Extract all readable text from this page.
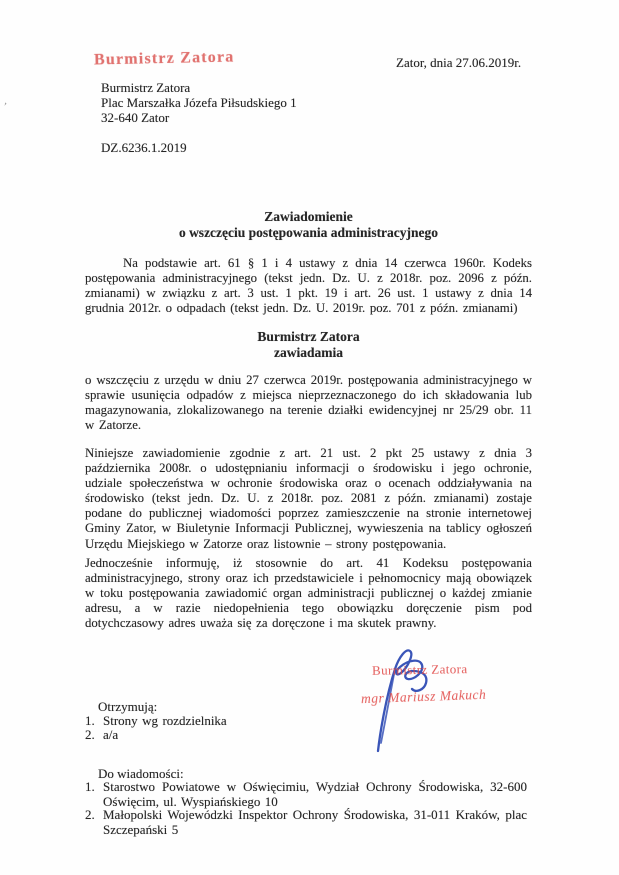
Burmistrz Zatora	Zator, dnia 27.06.2019r.
Burmistrz Zatora
Plac Marszałka Józefa Piłsudskiego 1
32-640 Zator
DZ.6236.1.2019
’
Zawiadomienie
o wszczęciu postępowania administracyjnego
Na podstawie art. 61 § 1 i 4 ustawy z dnia 14 czerwca 1960r. Kodeks postępowania administracyjnego (tekst jedn. Dz. U. z 2018r. poz. 2096 z późn. zmianami) w związku z art. 3 ust. 1 pkt. 19 i art. 26 ust. 1 ustawy z dnia 14 grudnia 2012r. o odpadach (tekst jedn. Dz. U. 2019r. poz. 701 z późn. zmianami)
Burmistrz Zatora
zawiadamia
o wszczęciu z urzędu w dniu 27 czerwca 2019r. postępowania administracyjnego w sprawie usunięcia odpadów z miejsca nieprzeznaczonego do ich składowania lub magazynowania, zlokalizowanego na terenie działki ewidencyjnej nr 25/29 obr. 11 w Zatorze.
Niniejsze zawiadomienie zgodnie z art. 21 ust. 2 pkt 25 ustawy z dnia 3 października 2008r. o udostępnianiu informacji o środowisku i jego ochronie, udziale społeczeństwa w ochronie środowiska oraz o ocenach oddziaływania na środowisko (tekst jedn. Dz. U. z 2018r. poz. 2081 z późn. zmianami) zostaje podane do publicznej wiadomości poprzez zamieszczenie na stronie internetowej Gminy Zator, w Biuletynie Informacji Publicznej, wywieszenia na tablicy ogłoszeń Urzędu Miejskiego w Zatorze oraz listownie – strony postępowania.
Jednocześnie informuję, iż stosownie do art. 41 Kodeksu postępowania administracyjnego, strony oraz ich przedstawiciele i pełnomocnicy mają obowiązek w toku postępowania zawiadomić organ administracji publicznej o każdej zmianie adresu, a w razie niedopełnienia tego obowiązku doręczenie pism pod dotychczasowy adres uważa się za doręczone i ma skutek prawny.
Burmistrz Zatora
mgr Mariusz Makuch
Otrzymują:
1. Strony wg rozdzielnika
2. a/a
Do wiadomości:
1. Starostwo Powiatowe w Oświęcimiu, Wydział Ochrony Środowiska, 32-600 Oświęcim, ul. Wyspiańskiego 10
2. Małopolski Wojewódzki Inspektor Ochrony Środowiska, 31-011 Kraków, plac Szczepański 5
